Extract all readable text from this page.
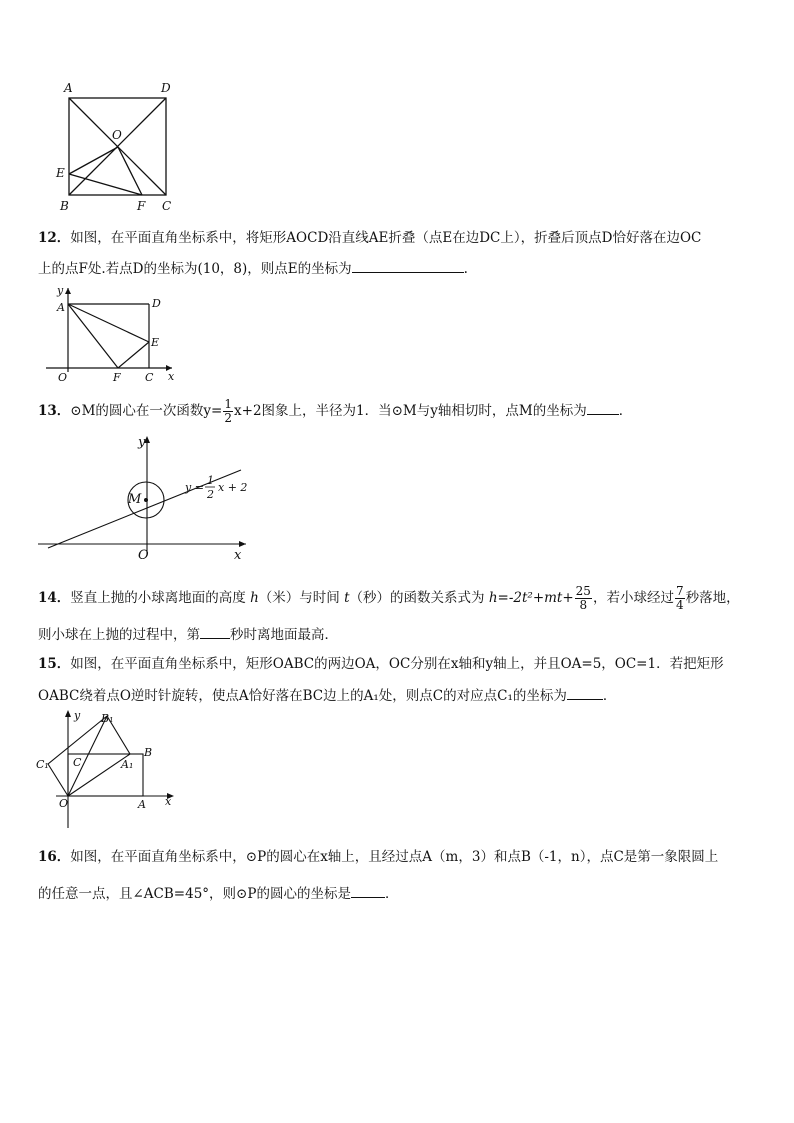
A	D
O
E
B	F C
12．如图，在平面直角坐标系中，将矩形AOCD沿直线AE折叠（点E在边DC上），折叠后顶点D恰好落在边OC
上的点F处.若点D的坐标为(10，8)，则点E的坐标为	.
y
A	D
E
O	F C x
13．⊙M的圆心在一次函数$y= \frac{1}{2} x+2$图象上，半径为1．当⊙M与y轴相切时，点M的坐标为 ．
y
M
O	x
y =
1
2
x + 2
14．竖直上抛的小球离地面的高度 h（米）与时间 t（秒）的函数关系式为 $h=-2t^2+mt+ \frac{25}{8}$ ，若小球经过 $\frac{7}{4}$ 秒落地，
则小球在上抛的过程中，第 秒时离地面最高．
15．如图，在平面直角坐标系中，矩形OABC的两边OA，OC分别在x轴和y轴上，并且OA=5，OC=1．若把矩形
OABC绕着点O逆时针旋转，使点A恰好落在BC边上的A₁处，则点C的对应点C₁的坐标为	．
y B₁
B
C₁ C	A₁
O	A x
16．如图，在平面直角坐标系中，⊙P的圆心在x轴上，且经过点A（m，3）和点B（-1，n），点C是第一象限圆上
的任意一点，且∠ACB=45°，则⊙P的圆心的坐标是	．
